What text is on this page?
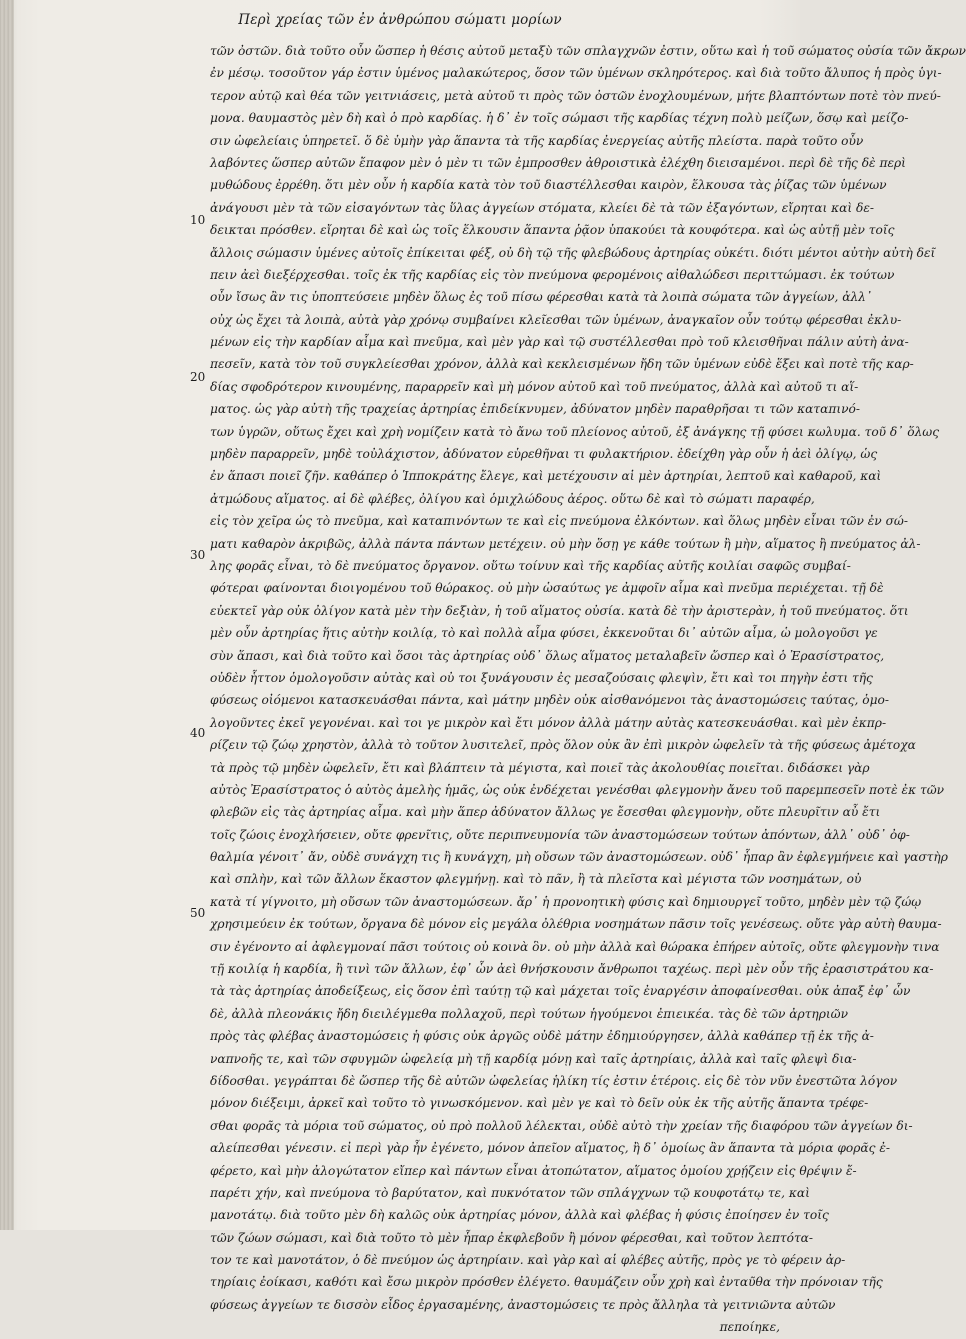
Περὶ χρείας τῶν ἐν ἀνθρώπου σώματι μορίων
τῶν ὀστῶν. διὰ τοῦτο οὖν ὥσπερ ἡ θέσις αὐτοῦ μεταξὺ τῶν σπλαγχνῶν ἐστιν, οὕτω καὶ ἡ τοῦ σώματος οὐσία τῶν ἄκρων
ἐν μέσῳ. τοσοῦτον γάρ ἐστιν ὑμένος μαλακώτερος, ὅσον τῶν ὑμένων σκληρότερος. καὶ διὰ τοῦτο ἄλυπος ἡ πρὸς ὑγι-
τερον αὐτῷ καὶ θέα τῶν γειτνιάσεις, μετὰ αὐτοῦ τι πρὸς τῶν ὀστῶν ἐνοχλουμένων, μήτε βλαπτόντων ποτὲ τὸν πνεύ-
μονα. θαυμαστὸς μὲν δὴ καὶ ὁ πρὸ καρδίας. ἡ δ᾽ ἐν τοῖς σώμασι τῆς καρδίας τέχνη πολὺ μείζων, ὅσῳ καὶ μείζο-
σιν ὠφελείαις ὑπηρετεῖ. ὅ δὲ ὑμὴν γὰρ ἅπαντα τὰ τῆς καρδίας ἐνεργείας αὐτῆς πλείστα. παρὰ τοῦτο οὖν
λαβόντες ὥσπερ αὐτῶν ἔπαφον μὲν ὁ μὲν τι τῶν ἐμπροσθεν ἀθροιστικὰ ἐλέχθη διεισαμένοι. περὶ δὲ τῆς δὲ περὶ
μυθώδους ἐρρέθη. ὅτι μὲν οὖν ἡ καρδία κατὰ τὸν τοῦ διαστέλλεσθαι καιρὸν, ἕλκουσα τὰς ῥίζας τῶν ὑμένων
ἀνάγουσι μὲν τὰ τῶν εἰσαγόντων τὰς ὕλας ἀγγείων στόματα, κλείει δὲ τὰ τῶν ἐξαγόντων, εἴρηται καὶ δε-
δεικται πρόσθεν. εἴρηται δὲ καὶ ὡς τοῖς ἕλκουσιν ἅπαντα ῥᾷον ὑπακούει τὰ κουφότερα. καὶ ὡς αὐτῇ μὲν τοῖς
ἄλλοις σώμασιν ὑμένες αὐτοῖς ἐπίκειται φέξ, οὐ δὴ τῷ τῆς φλεβώδους ἀρτηρίας οὐκέτι. διότι μέντοι αὐτὴν αὐτὴ δεῖ
πειν ἀεὶ διεξέρχεσθαι. τοῖς ἐκ τῆς καρδίας εἰς τὸν πνεύμονα φερομένοις αἰθαλώδεσι περιττώμασι. ἐκ τούτων
οὖν ἴσως ἂν τις ὑποπτεύσειε μηδὲν ὅλως ἐς τοῦ πίσω φέρεσθαι κατὰ τὰ λοιπὰ σώματα τῶν ἀγγείων, ἀλλ᾽
οὐχ ὡς ἔχει τὰ λοιπὰ, αὐτὰ γὰρ χρόνῳ συμβαίνει κλεῖεσθαι τῶν ὑμένων, ἀναγκαῖον οὖν τούτῳ φέρεσθαι ἐκλυ-
μένων εἰς τὴν καρδίαν αἷμα καὶ πνεῦμα, καὶ μὲν γὰρ καὶ τῷ συστέλλεσθαι πρὸ τοῦ κλεισθῆναι πάλιν αὐτὴ ἀνα-
πεσεῖν, κατὰ τὸν τοῦ συγκλείεσθαι χρόνον, ἀλλὰ καὶ κεκλεισμένων ἤδη τῶν ὑμένων εὐδὲ ἕξει καὶ ποτὲ τῆς καρ-
δίας σφοδρότερον κινουμένης, παραρρεῖν καὶ μὴ μόνον αὐτοῦ καὶ τοῦ πνεύματος, ἀλλὰ καὶ αὐτοῦ τι αἵ-
ματος. ὡς γὰρ αὐτὴ τῆς τραχείας ἀρτηρίας ἐπιδείκνυμεν, ἀδύνατον μηδὲν παραθρῆσαι τι τῶν καταπινό-
των ὑγρῶν, οὕτως ἔχει καὶ χρὴ νομίζειν κατὰ τὸ ἄνω τοῦ πλείονος αὐτοῦ, ἐξ ἀνάγκης τῇ φύσει κωλυμα. τοῦ δ᾽ ὅλως
μηδὲν παραρρεῖν, μηδὲ τοὐλάχιστον, ἀδύνατον εὑρεθῆναι τι φυλακτήριον. ἐδείχθη γὰρ οὖν ἡ ἀεὶ ὀλίγῳ, ὡς
ἐν ἅπασι ποιεῖ ζῆν. καθάπερ ὁ Ἱπποκράτης ἔλεγε, καὶ μετέχουσιν αἱ μὲν ἀρτηρίαι, λεπτοῦ καὶ καθαροῦ, καὶ
ἀτμώδους αἵματος. αἱ δὲ φλέβες, ὀλίγου καὶ ὁμιχλώδους ἀέρος. οὕτω δὲ καὶ τὸ σώματι παραφέρ,
εἰς τὸν χεῖρα ὡς τὸ πνεῦμα, καὶ καταπινόντων τε καὶ εἰς πνεύμονα ἐλκόντων. καὶ ὅλως μηδὲν εἶναι τῶν ἐν σώ-
ματι καθαρὸν ἀκριβῶς, ἀλλὰ πάντα πάντων μετέχειν. οὐ μὴν ὅσῃ γε κάθε τούτων ἢ μὴν, αἵματος ἢ πνεύματος ἀλ-
λης φορᾶς εἶναι, τὸ δὲ πνεύματος ὄργανον. οὕτω τοίνυν καὶ τῆς καρδίας αὐτῆς κοιλίαι σαφῶς συμβαί-
φότεραι φαίνονται διοιγομένου τοῦ θώρακος. οὐ μὴν ὡσαύτως γε ἀμφοῖν αἷμα καὶ πνεῦμα περιέχεται. τῇ δὲ
εὐεκτεῖ γὰρ οὐκ ὀλίγον κατὰ μὲν τὴν δεξιὰν, ἡ τοῦ αἵματος οὐσία. κατὰ δὲ τὴν ἀριστερὰν, ἡ τοῦ πνεύματος. ὅτι
μὲν οὖν ἀρτηρίας ἥτις αὐτὴν κοιλίᾳ, τὸ καὶ πολλὰ αἷμα φύσει, ἐκκενοῦται δι᾽ αὐτῶν αἷμα, ὡ μολογοῦσι γε
σὺν ἅπασι, καὶ διὰ τοῦτο καὶ ὅσοι τὰς ἀρτηρίας οὐδ᾽ ὅλως αἵματος μεταλαβεῖν ὥσπερ καὶ ὁ Ἐρασίστρατος,
οὐδὲν ἧττον ὁμολογοῦσιν αὐτὰς καὶ οὐ τοι ξυνάγουσιν ἐς μεσαζούσαις φλεψὶν, ἔτι καὶ τοι πηγὴν ἐστι τῆς
φύσεως οἰόμενοι κατασκευάσθαι πάντα, καὶ μάτην μηδὲν οὐκ αἰσθανόμενοι τὰς ἀναστομώσεις ταύτας, ὁμο-
λογοῦντες ἐκεῖ γεγονέναι. καὶ τοι γε μικρὸν καὶ ἔτι μόνον ἀλλὰ μάτην αὐτὰς κατεσκευάσθαι. καὶ μὲν ἐκπρ-
ρίζειν τῷ ζώῳ χρηστὸν, ἀλλὰ τὸ τοῦτον λυσιτελεῖ, πρὸς ὅλον οὐκ ἂν ἐπὶ μικρὸν ὠφελεῖν τὰ τῆς φύσεως ἀμέτοχα
τὰ πρὸς τῷ μηδὲν ὠφελεῖν, ἔτι καὶ βλάπτειν τὰ μέγιστα, καὶ ποιεῖ τὰς ἀκολουθίας ποιεῖται. διδάσκει γὰρ
αὐτὸς Ἐρασίστρατος ὁ αὐτὸς ἀμελὴς ἡμᾶς, ὡς οὐκ ἐνδέχεται γενέσθαι φλεγμονὴν ἄνευ τοῦ παρεμπεσεῖν ποτὲ ἐκ τῶν
φλεβῶν εἰς τὰς ἀρτηρίας αἷμα. καὶ μὴν ἅπερ ἀδύνατον ἄλλως γε ἔσεσθαι φλεγμονὴν, οὔτε πλευρῖτιν αὖ ἔτι
τοῖς ζώοις ἐνοχλήσειεν, οὔτε φρενῖτις, οὔτε περιπνευμονία τῶν ἀναστομώσεων τούτων ἀπόντων, ἀλλ᾽ οὐδ᾽ ὀφ-
θαλμία γένοιτ᾽ ἄν, οὐδὲ συνάγχη τις ἢ κυνάγχη, μὴ οὔσων τῶν ἀναστομώσεων. οὐδ᾽ ἧπαρ ἂν ἐφλεγμήνειε καὶ γαστὴρ
καὶ σπλὴν, καὶ τῶν ἄλλων ἕκαστον φλεγμήνῃ. καὶ τὸ πᾶν, ἢ τὰ πλεῖστα καὶ μέγιστα τῶν νοσημάτων, οὐ
κατὰ τί γίγνοιτο, μὴ οὔσων τῶν ἀναστομώσεων. ἄρ᾽ ἡ προνοητικὴ φύσις καὶ δημιουργεῖ τοῦτο, μηδὲν μὲν τῷ ζώῳ
χρησιμεύειν ἐκ τούτων, ὄργανα δὲ μόνον εἰς μεγάλα ὀλέθρια νοσημάτων πᾶσιν τοῖς γενέσεως. οὔτε γὰρ αὐτὴ θαυμα-
σιν ἐγένοντο αἱ ἀφλεγμοναί πᾶσι τούτοις οὐ κοινὰ ὃν. οὐ μὴν ἀλλὰ καὶ θώρακα ἐπήρεν αὐτοῖς, οὔτε φλεγμονὴν τινα
τῇ κοιλίᾳ ἡ καρδία, ἢ τινὶ τῶν ἄλλων, ἐφ᾽ ὧν ἀεὶ θνήσκουσιν ἄνθρωποι ταχέως. περὶ μὲν οὖν τῆς ἐρασιστράτου κα-
τὰ τὰς ἀρτηρίας ἀποδείξεως, εἰς ὅσον ἐπὶ ταύτῃ τῷ καὶ μάχεται τοῖς ἐναργέσιν ἀποφαίνεσθαι. οὐκ ἀπαξ ἐφ᾽ ὧν
δὲ, ἀλλὰ πλεονάκις ἤδη διειλέγμεθα πολλαχοῦ, περὶ τούτων ἡγούμενοι ἐπιεικέα. τὰς δὲ τῶν ἀρτηριῶν
πρὸς τὰς φλέβας ἀναστομώσεις ἡ φύσις οὐκ ἀργῶς οὐδὲ μάτην ἐδημιούργησεν, ἀλλὰ καθάπερ τῇ ἐκ τῆς ἀ-
ναπνοῆς τε, καὶ τῶν σφυγμῶν ὠφελείᾳ μὴ τῇ καρδίᾳ μόνῃ καὶ ταῖς ἀρτηρίαις, ἀλλὰ καὶ ταῖς φλεψὶ δια-
δίδοσθαι. γεγράπται δὲ ὥσπερ τῆς δὲ αὐτῶν ὠφελείας ἡλίκη τίς ἐστιν ἑτέροις. εἰς δὲ τὸν νῦν ἐνεστῶτα λόγον
μόνον διέξειμι, ἀρκεῖ καὶ τοῦτο τὸ γινωσκόμενον. καὶ μὲν γε καὶ τὸ δεῖν οὐκ ἐκ τῆς αὐτῆς ἅπαντα τρέφε-
σθαι φορᾶς τὰ μόρια τοῦ σώματος, οὐ πρὸ πολλοῦ λέλεκται, οὐδὲ αὐτὸ τὴν χρείαν τῆς διαφόρου τῶν ἀγγείων δι-
αλείπεσθαι γένεσιν. εἰ περὶ γὰρ ἦν ἐγένετο, μόνον ἀπεῖον αἵματος, ἢ δ᾽ ὁμοίως ἂν ἅπαντα τὰ μόρια φορᾶς ἐ-
φέρετο, καὶ μὴν ἀλογώτατον εἴπερ καὶ πάντων εἶναι ἀτοπώτατον, αἵματος ὁμοίου χρῄζειν εἰς θρέψιν ἔ-
παρέτι χήν, καὶ πνεύμονα τὸ βαρύτατον, καὶ πυκνότατον τῶν σπλάγχνων τῷ κουφοτάτῳ τε, καὶ
μανοτάτῳ. διὰ τοῦτο μὲν δὴ καλῶς οὐκ ἀρτηρίας μόνον, ἀλλὰ καὶ φλέβας ἡ φύσις ἐποίησεν ἐν τοῖς
τῶν ζώων σώμασι, καὶ διὰ τοῦτο τὸ μὲν ἧπαρ ἐκφλεβοῦν ἢ μόνον φέρεσθαι, καὶ τοῦτον λεπτότα-
τον τε καὶ μανοτάτον, ὁ δὲ πνεύμον ὡς ἀρτηρίαιν. καὶ γὰρ καὶ αἱ φλέβες αὐτῆς, πρὸς γε τὸ φέρειν ἀρ-
τηρίαις ἐοίκασι, καθότι καὶ ἔσω μικρὸν πρόσθεν ἐλέγετο. θαυμάζειν οὖν χρὴ καὶ ἐνταῦθα τὴν πρόνοιαν τῆς
φύσεως ἀγγείων τε δισσὸν εἶδος ἐργασαμένης, ἀναστομώσεις τε πρὸς ἄλληλα τὰ γειτνιῶντα αὐτῶν
πεποίηκε,
10
20
30
40
50
